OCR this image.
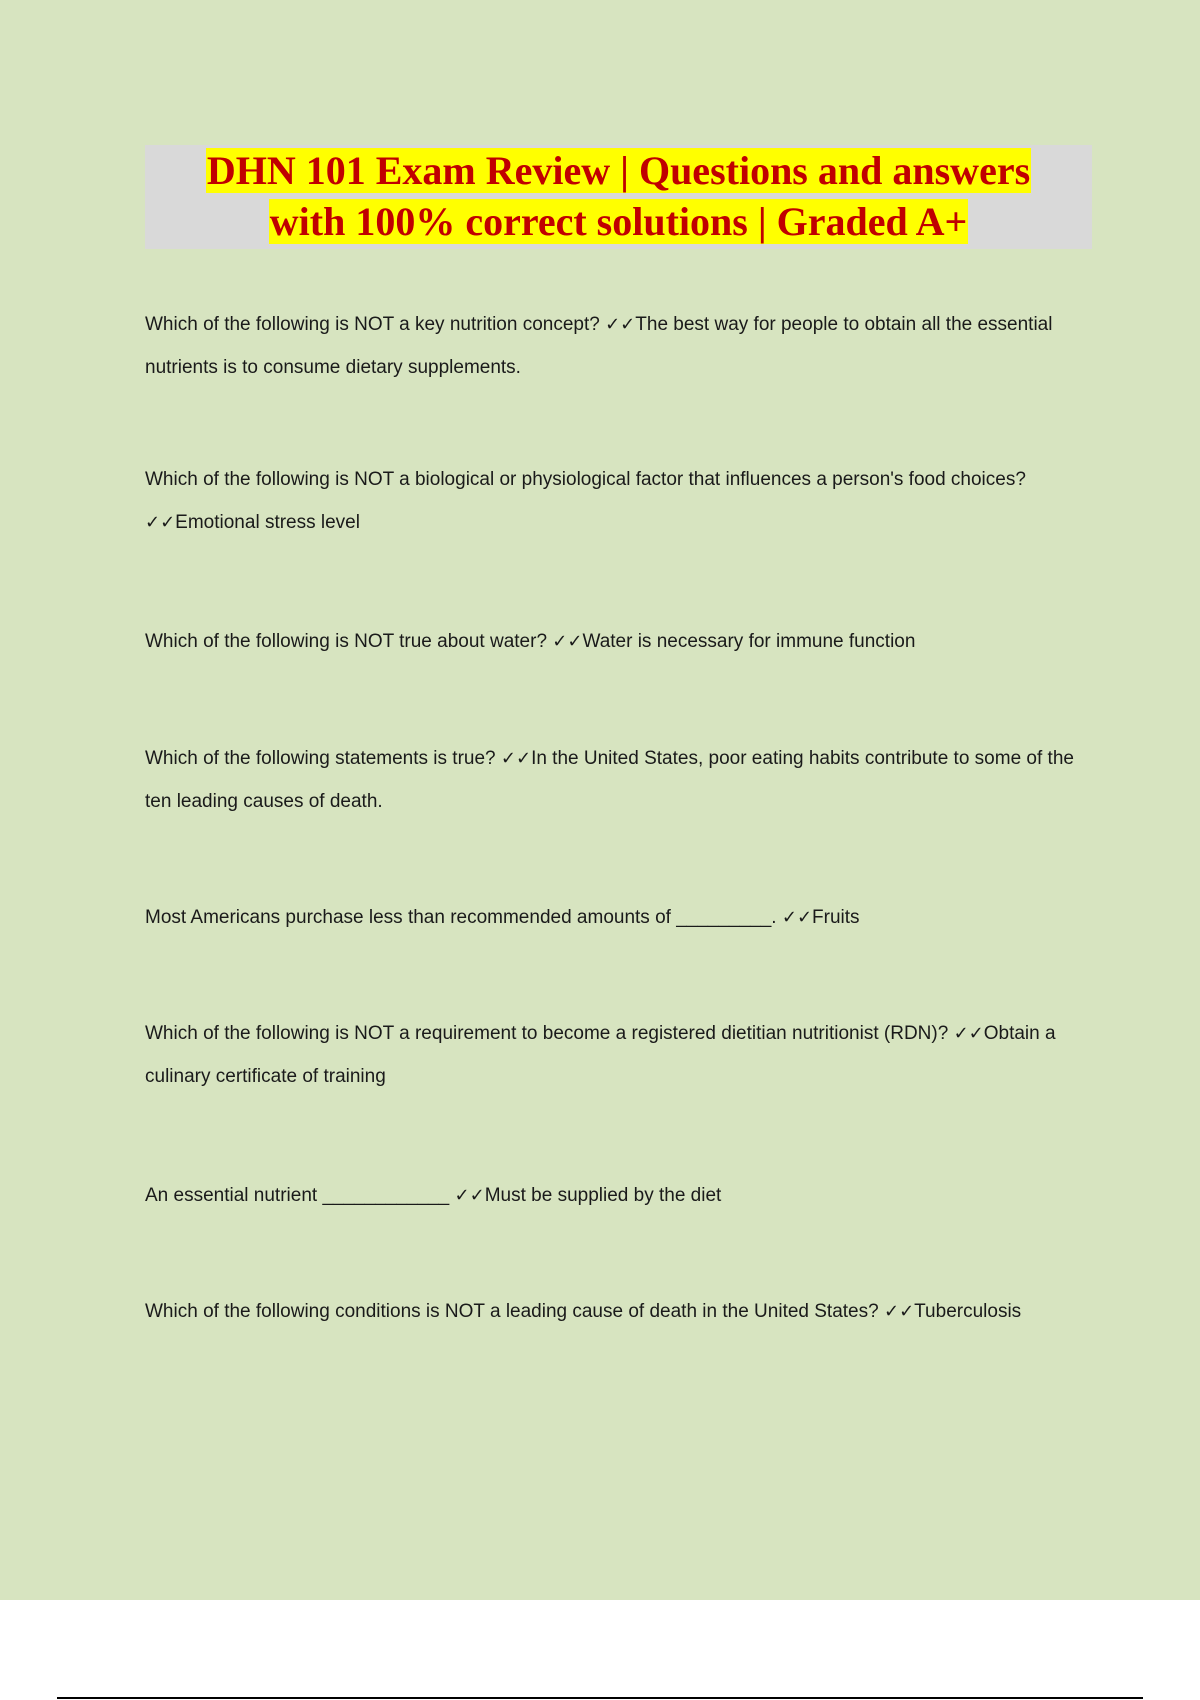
DHN 101 Exam Review | Questions and answers
with 100% correct solutions | Graded A+

Which of the following is NOT a key nutrition concept? ✓✓The best way for people to obtain all the essential nutrients is to consume dietary supplements.

Which of the following is NOT a biological or physiological factor that influences a person's food choices? ✓✓Emotional stress level

Which of the following is NOT true about water? ✓✓Water is necessary for immune function

Which of the following statements is true? ✓✓In the United States, poor eating habits contribute to some of the ten leading causes of death.

Most Americans purchase less than recommended amounts of _________. ✓✓Fruits

Which of the following is NOT a requirement to become a registered dietitian nutritionist (RDN)? ✓✓Obtain a culinary certificate of training

An essential nutrient ____________ ✓✓Must be supplied by the diet

Which of the following conditions is NOT a leading cause of death in the United States? ✓✓Tuberculosis
